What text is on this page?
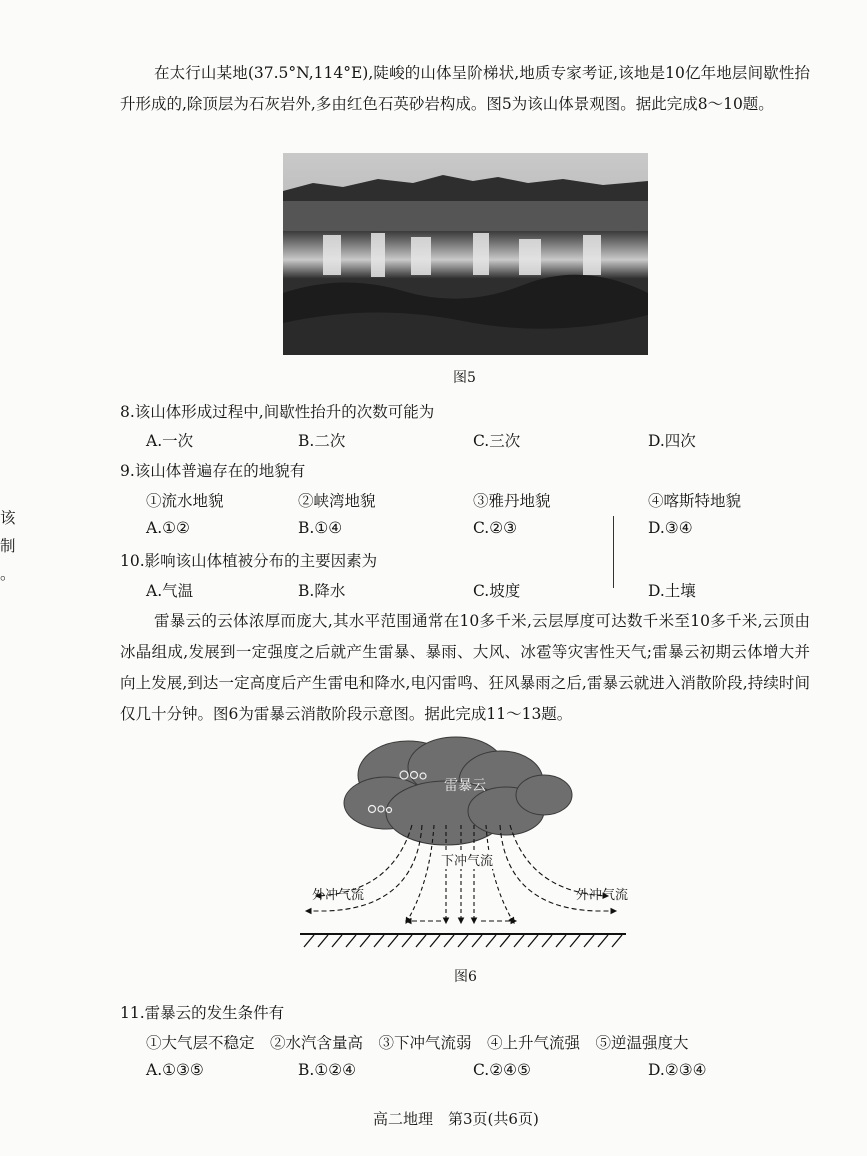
在太行山某地(37.5°N,114°E),陡峻的山体呈阶梯状,地质专家考证,该地是10亿年地层间歇性抬升形成的,除顶层为石灰岩外,多由红色石英砂岩构成。图5为该山体景观图。据此完成8～10题。
图5
8.该山体形成过程中,间歇性抬升的次数可能为
A.一次	B.二次	C.三次	D.四次
9.该山体普遍存在的地貌有
①流水地貌	②峡湾地貌	③雅丹地貌	④喀斯特地貌
A.①②	B.①④	C.②③	D.③④
10.影响该山体植被分布的主要因素为
A.气温	B.降水	C.坡度	D.土壤
该
制
。
雷暴云的云体浓厚而庞大,其水平范围通常在10多千米,云层厚度可达数千米至10多千米,云顶由冰晶组成,发展到一定强度之后就产生雷暴、暴雨、大风、冰雹等灾害性天气;雷暴云初期云体增大并向上发展,到达一定高度后产生雷电和降水,电闪雷鸣、狂风暴雨之后,雷暴云就进入消散阶段,持续时间仅几十分钟。图6为雷暴云消散阶段示意图。据此完成11～13题。
雷暴云
下冲气流
外冲气流	外冲气流
图6
11.雷暴云的发生条件有
①大气层不稳定　②水汽含量高　③下冲气流弱　④上升气流强　⑤逆温强度大
A.①③⑤	B.①②④	C.②④⑤	D.②③④
高二地理　第3页(共6页)
